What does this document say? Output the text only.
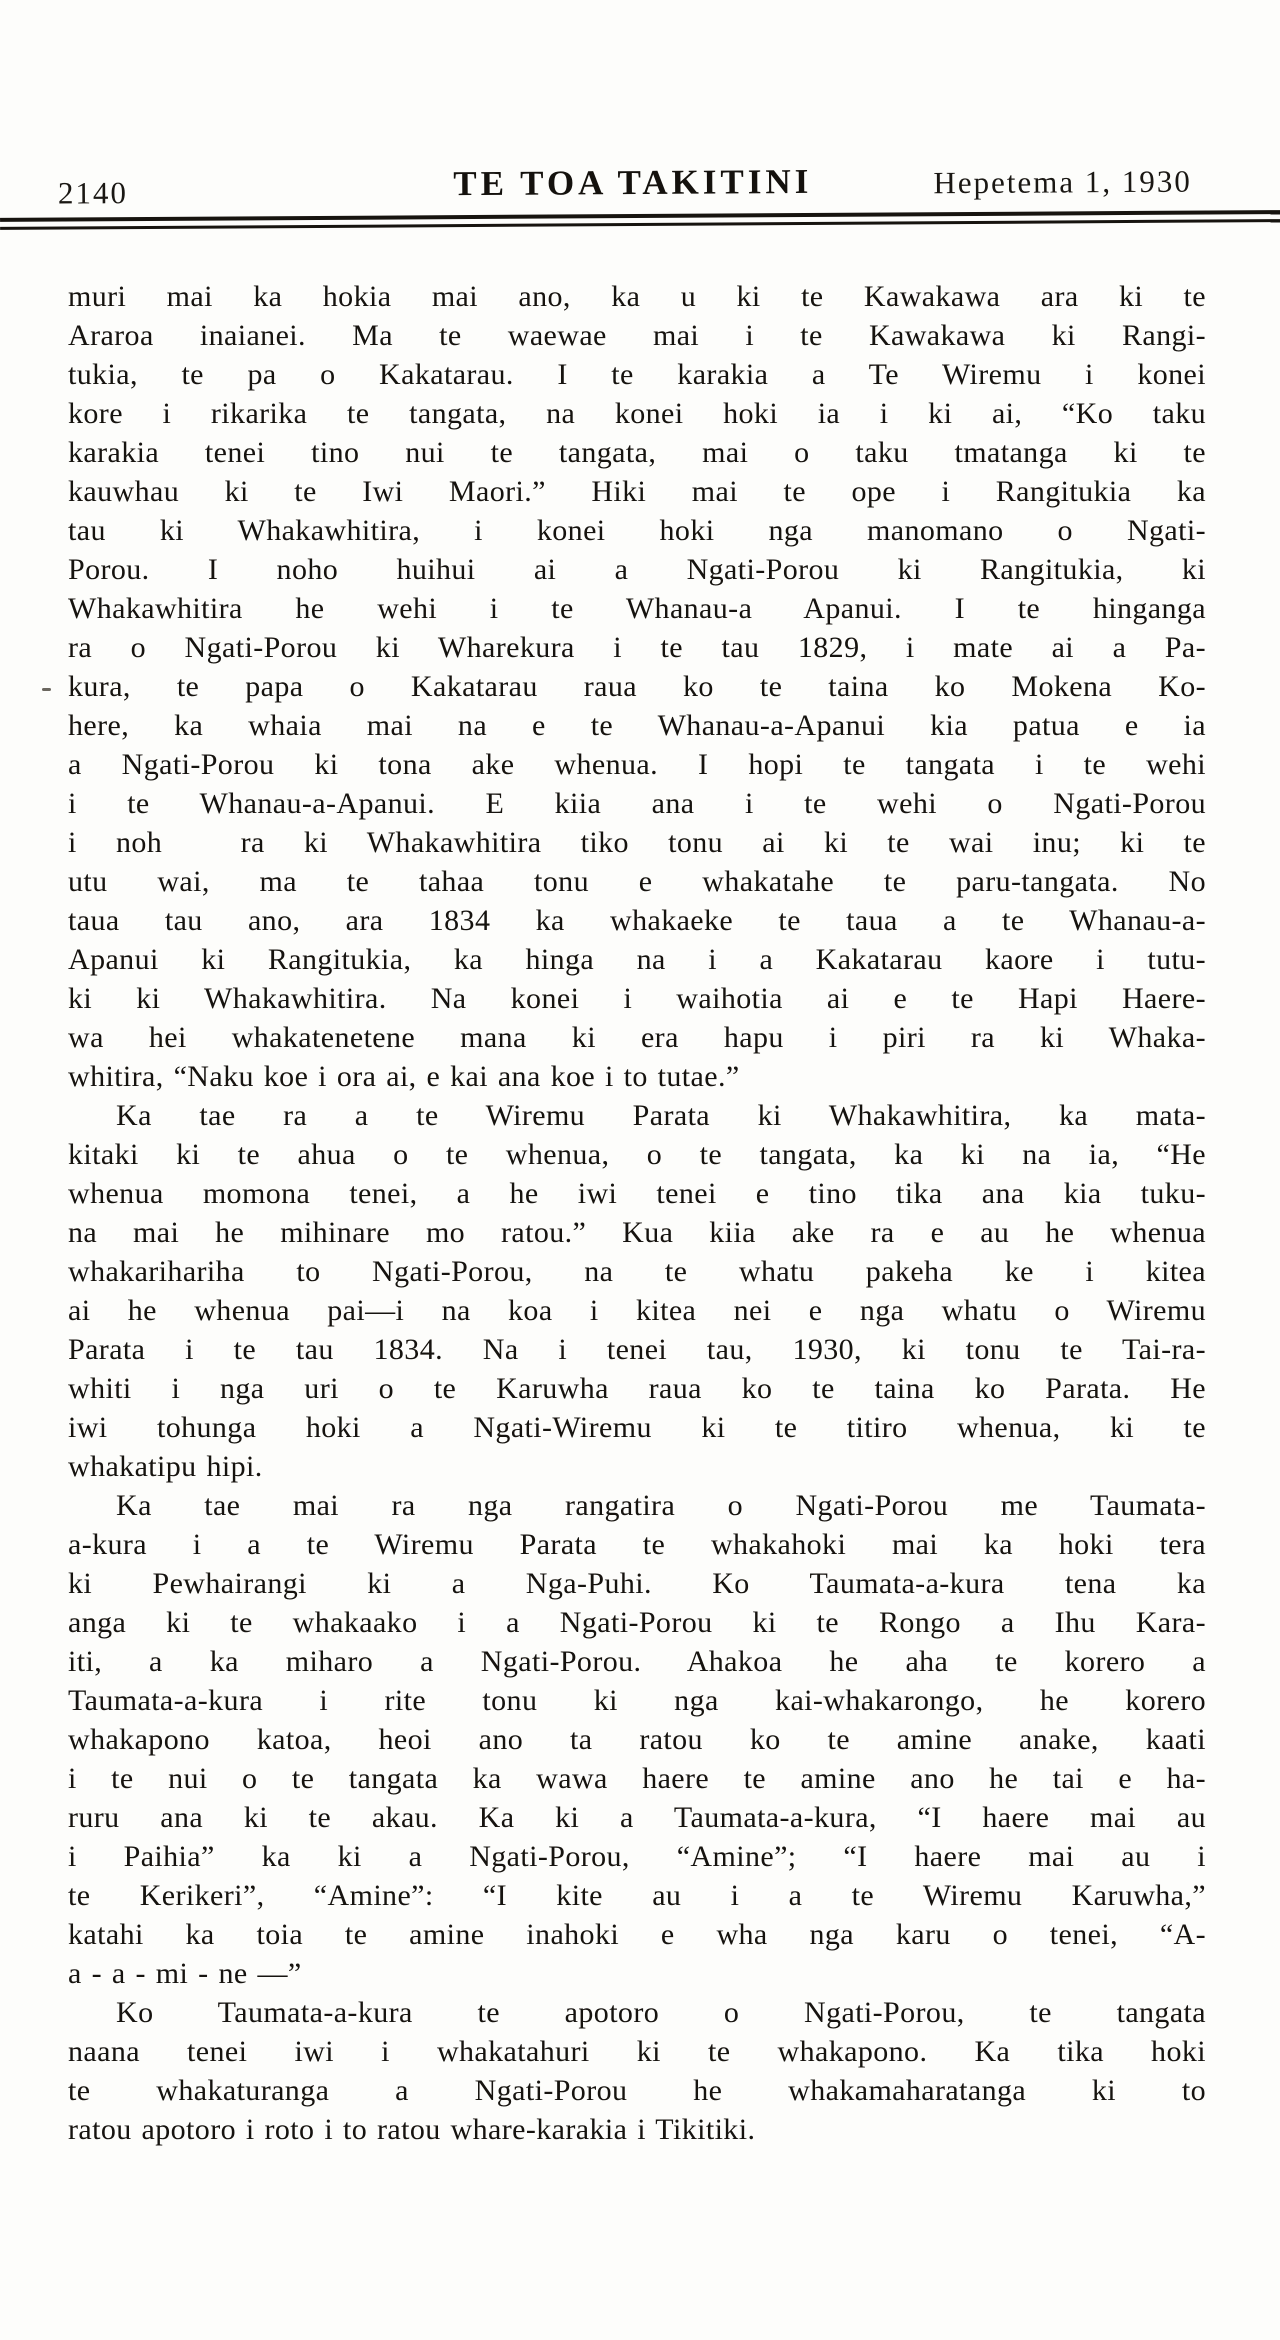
2140	TE TOA TAKITINI	Hepetema 1, 1930
muri mai ka hokia mai ano, ka u ki te Kawakawa ara ki te
Araroa inaianei. Ma te waewae mai i te Kawakawa ki Rangi-
tukia, te pa o Kakatarau. I te karakia a Te Wiremu i konei
kore i rikarika te tangata, na konei hoki ia i ki ai, “Ko taku
karakia tenei tino nui te tangata, mai o taku tmatanga ki te
kauwhau ki te Iwi Maori.” Hiki mai te ope i Rangitukia ka
tau ki Whakawhitira, i konei hoki nga manomano o Ngati-
Porou. I noho huihui ai a Ngati-Porou ki Rangitukia, ki
Whakawhitira he wehi i te Whanau-a Apanui. I te hinganga
ra o Ngati-Porou ki Wharekura i te tau 1829, i mate ai a Pa-
kura, te papa o Kakatarau raua ko te taina ko Mokena Ko-
here, ka whaia mai na e te Whanau-a-Apanui kia patua e ia
a Ngati-Porou ki tona ake whenua. I hopi te tangata i te wehi
i te Whanau-a-Apanui. E kiia ana i te wehi o Ngati-Porou
i noh  ra ki Whakawhitira tiko tonu ai ki te wai inu; ki te
utu wai, ma te tahaa tonu e whakatahe te paru-tangata. No
taua tau ano, ara 1834 ka whakaeke te taua a te Whanau-a-
Apanui ki Rangitukia, ka hinga na i a Kakatarau kaore i tutu-
ki ki Whakawhitira. Na konei i waihotia ai e te Hapi Haere-
wa hei whakatenetene mana ki era hapu i piri ra ki Whaka-
whitira, “Naku koe i ora ai, e kai ana koe i to tutae.”
Ka tae ra a te Wiremu Parata ki Whakawhitira, ka mata-
kitaki ki te ahua o te whenua, o te tangata, ka ki na ia, “He
whenua momona tenei, a he iwi tenei e tino tika ana kia tuku-
na mai he mihinare mo ratou.” Kua kiia ake ra e au he whenua
whakarihariha to Ngati-Porou, na te whatu pakeha ke i kitea
ai he whenua pai—i na koa i kitea nei e nga whatu o Wiremu
Parata i te tau 1834. Na i tenei tau, 1930, ki tonu te Tai-ra-
whiti i nga uri o te Karuwha raua ko te taina ko Parata. He
iwi tohunga hoki a Ngati-Wiremu ki te titiro whenua, ki te
whakatipu hipi.
Ka tae mai ra nga rangatira o Ngati-Porou me Taumata-
a-kura i a te Wiremu Parata te whakahoki mai ka hoki tera
ki Pewhairangi ki a Nga-Puhi. Ko Taumata-a-kura tena ka
anga ki te whakaako i a Ngati-Porou ki te Rongo a Ihu Kara-
iti, a ka miharo a Ngati-Porou. Ahakoa he aha te korero a
Taumata-a-kura i rite tonu ki nga kai-whakarongo, he korero
whakapono katoa, heoi ano ta ratou ko te amine anake, kaati
i te nui o te tangata ka wawa haere te amine ano he tai e ha-
ruru ana ki te akau. Ka ki a Taumata-a-kura, “I haere mai au
i Paihia” ka ki a Ngati-Porou, “Amine”; “I haere mai au i
te Kerikeri”, “Amine”: “I kite au i a te Wiremu Karuwha,”
katahi ka toia te amine inahoki e wha nga karu o tenei, “A-
a - a - mi - ne —”
Ko Taumata-a-kura te apotoro o Ngati-Porou, te tangata
naana tenei iwi i whakatahuri ki te whakapono. Ka tika hoki
te whakaturanga a Ngati-Porou he whakamaharatanga ki to
ratou apotoro i roto i to ratou whare-karakia i Tikitiki.
